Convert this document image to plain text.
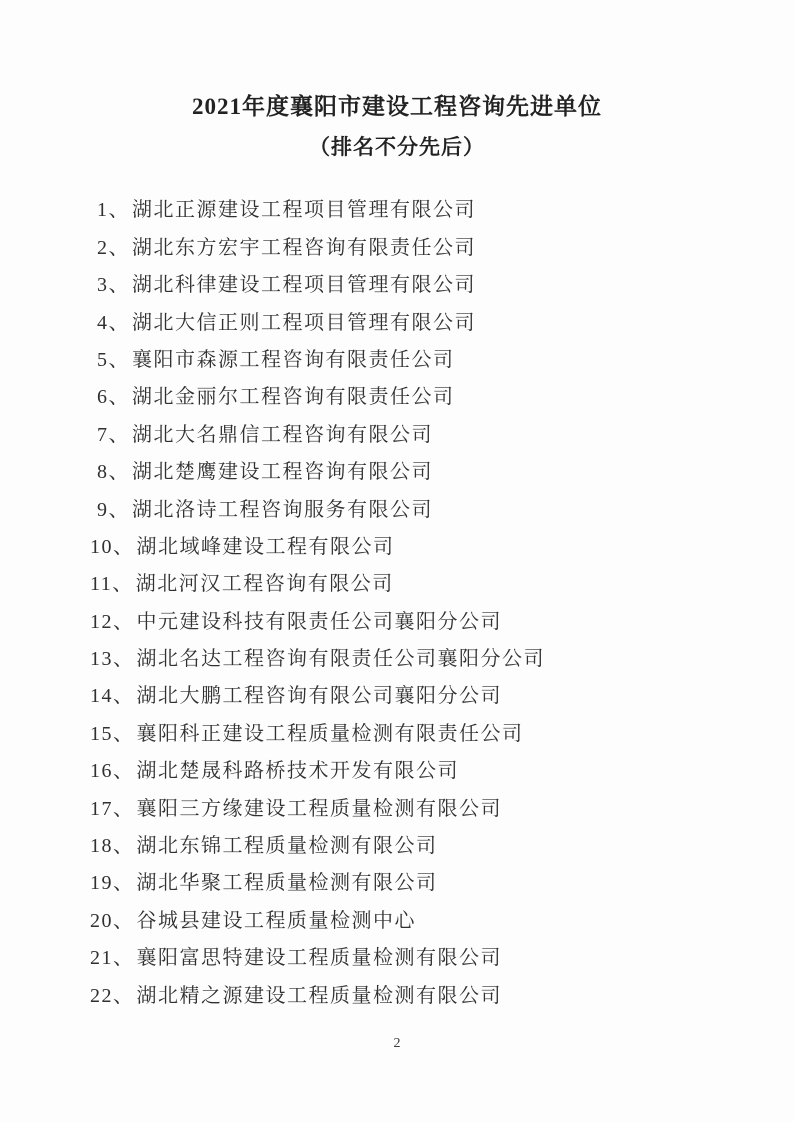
2021年度襄阳市建设工程咨询先进单位
（排名不分先后）
1、 湖北正源建设工程项目管理有限公司
2、 湖北东方宏宇工程咨询有限责任公司
3、 湖北科律建设工程项目管理有限公司
4、 湖北大信正则工程项目管理有限公司
5、 襄阳市森源工程咨询有限责任公司
6、 湖北金丽尔工程咨询有限责任公司
7、 湖北大名鼎信工程咨询有限公司
8、 湖北楚鹰建设工程咨询有限公司
9、 湖北洛诗工程咨询服务有限公司
10、 湖北域峰建设工程有限公司
11、 湖北河汉工程咨询有限公司
12、 中元建设科技有限责任公司襄阳分公司
13、 湖北名达工程咨询有限责任公司襄阳分公司
14、 湖北大鹏工程咨询有限公司襄阳分公司
15、 襄阳科正建设工程质量检测有限责任公司
16、 湖北楚晟科路桥技术开发有限公司
17、 襄阳三方缘建设工程质量检测有限公司
18、 湖北东锦工程质量检测有限公司
19、 湖北华聚工程质量检测有限公司
20、 谷城县建设工程质量检测中心
21、 襄阳富思特建设工程质量检测有限公司
22、 湖北精之源建设工程质量检测有限公司
2
